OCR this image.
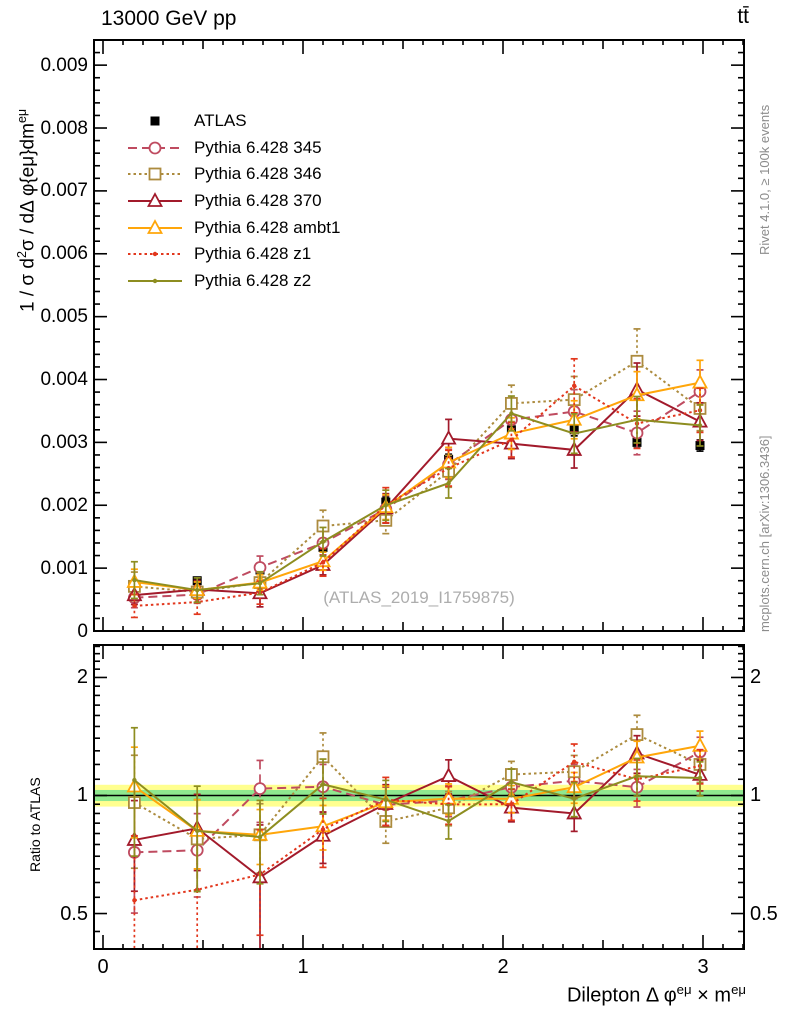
13000 GeV pp	tt̄
Rivet 4.1.0, ≥ 100k events
mcplots.cern.ch [arXiv:1306.3436]
1 / σ $d^2\sigma$ / dΔ $\varphi\{e\mu\}dm^{e\mu}$
Ratio to ATLAS
(ATLAS_2019_I1759875)
Dilepton Δ $\varphi^{e\mu} \times m^{e\mu}$
ATLAS
Pythia 6.428 345
Pythia 6.428 346
Pythia 6.428 370
Pythia 6.428 ambt1
Pythia 6.428 z1
Pythia 6.428 z2
0
0.001
0.002
0.003
0.004
0.005
0.006
0.007
0.008
0.009
0.5	0.5
1	1
2	2
0	1	2	3
